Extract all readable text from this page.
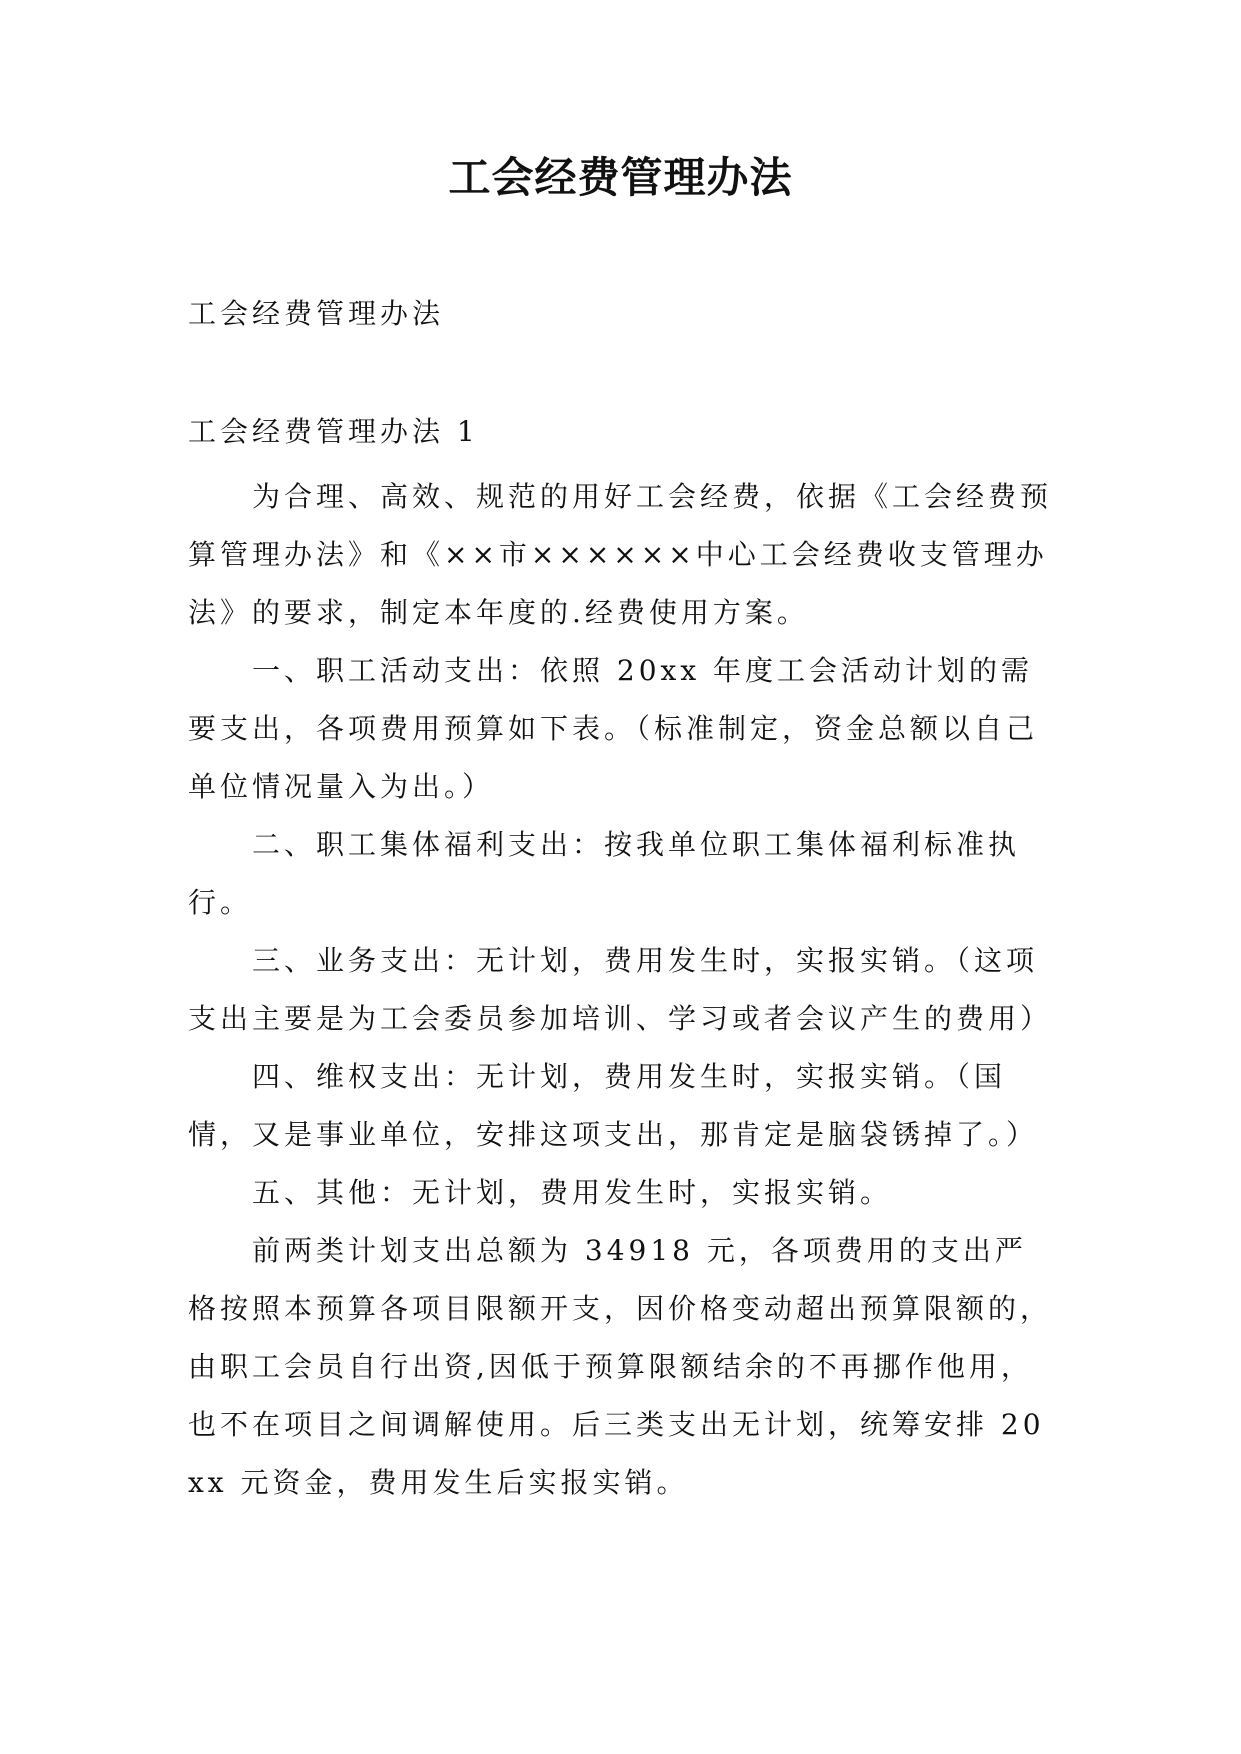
工会经费管理办法

工会经费管理办法

工会经费管理办法 1

为合理、高效、规范的用好工会经费，依据《工会经费预算管理办法》和《××市××××××中心工会经费收支管理办法》的要求，制定本年度的.经费使用方案。

一、职工活动支出：依照 20xx 年度工会活动计划的需要支出，各项费用预算如下表。（标准制定，资金总额以自己单位情况量入为出。）

二、职工集体福利支出：按我单位职工集体福利标准执行。

三、业务支出：无计划，费用发生时，实报实销。（这项支出主要是为工会委员参加培训、学习或者会议产生的费用）

四、维权支出：无计划，费用发生时，实报实销。（国情，又是事业单位，安排这项支出，那肯定是脑袋锈掉了。）

五、其他：无计划，费用发生时，实报实销。

前两类计划支出总额为 34918 元，各项费用的支出严格按照本预算各项目限额开支，因价格变动超出预算限额的，由职工会员自行出资,因低于预算限额结余的不再挪作他用，也不在项目之间调解使用。后三类支出无计划，统筹安排 20xx 元资金，费用发生后实报实销。
